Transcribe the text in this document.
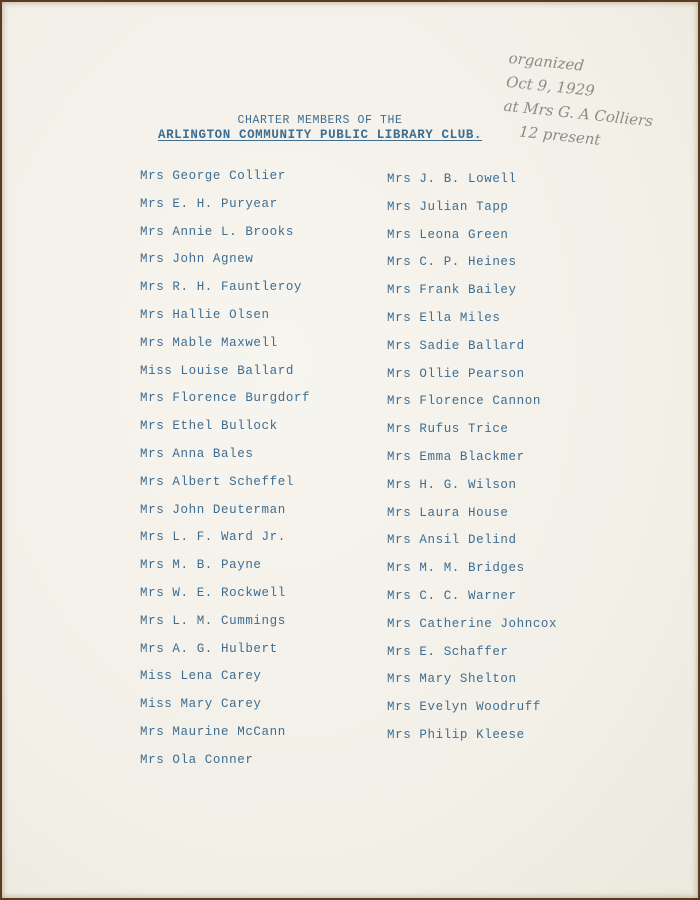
organized
Oct 9, 1929
at Mrs G. A Colliers
12 present
CHARTER MEMBERS OF THE
ARLINGTON COMMUNITY PUBLIC LIBRARY CLUB.
Mrs George Collier
Mrs E. H. Puryear
Mrs Annie L. Brooks
Mrs John Agnew
Mrs R. H. Fauntleroy
Mrs Hallie Olsen
Mrs Mable Maxwell
Miss Louise Ballard
Mrs Florence Burgdorf
Mrs Ethel Bullock
Mrs Anna Bales
Mrs Albert Scheffel
Mrs John Deuterman
Mrs L. F. Ward Jr.
Mrs M. B. Payne
Mrs W. E. Rockwell
Mrs L. M. Cummings
Mrs A. G. Hulbert
Miss Lena Carey
Miss Mary Carey
Mrs Maurine McCann
Mrs Ola Conner
Mrs J. B. Lowell
Mrs Julian Tapp
Mrs Leona Green
Mrs C. P. Heines
Mrs Frank Bailey
Mrs Ella Miles
Mrs Sadie Ballard
Mrs Ollie Pearson
Mrs Florence Cannon
Mrs Rufus Trice
Mrs Emma Blackmer
Mrs H. G. Wilson
Mrs Laura House
Mrs Ansil Delind
Mrs M. M. Bridges
Mrs C. C. Warner
Mrs Catherine Johncox
Mrs E. Schaffer
Mrs Mary Shelton
Mrs Evelyn Woodruff
Mrs Philip Kleese
